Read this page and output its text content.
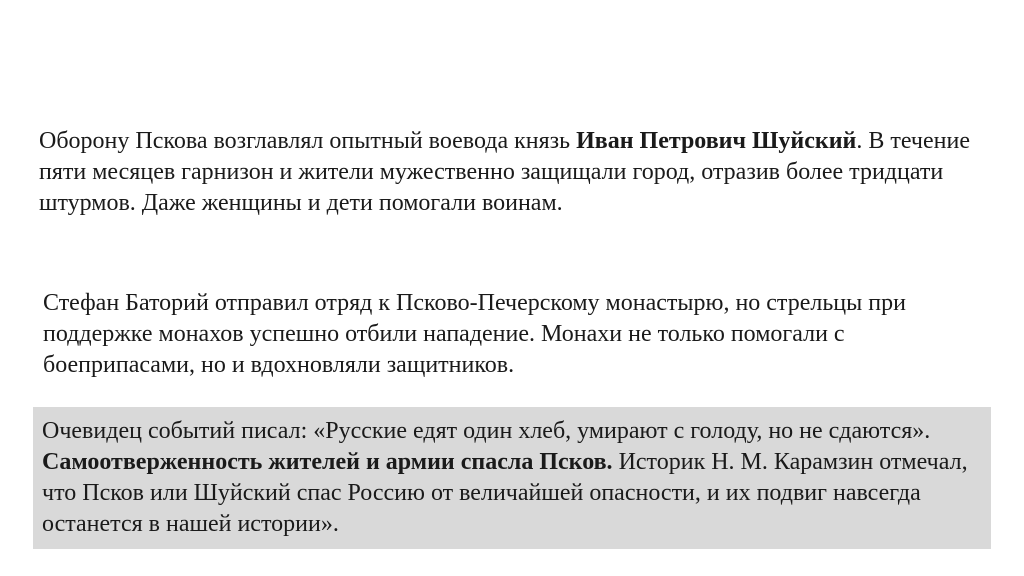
Оборону Пскова возглавлял опытный воевода князь Иван Петрович Шуйский. В течение пяти месяцев гарнизон и жители мужественно защищали город, отразив более тридцати штурмов. Даже женщины и дети помогали воинам.
Стефан Баторий отправил отряд к Псково-Печерскому монастырю, но стрельцы при поддержке монахов успешно отбили нападение. Монахи не только помогали с боеприпасами, но и вдохновляли защитников.
Очевидец событий писал: «Русские едят один хлеб, умирают с голоду, но не сдаются». Самоотверженность жителей и армии спасла Псков. Историк Н. М. Карамзин отмечал, что Псков или Шуйский спас Россию от величайшей опасности, и их подвиг навсегда останется в нашей истории».
